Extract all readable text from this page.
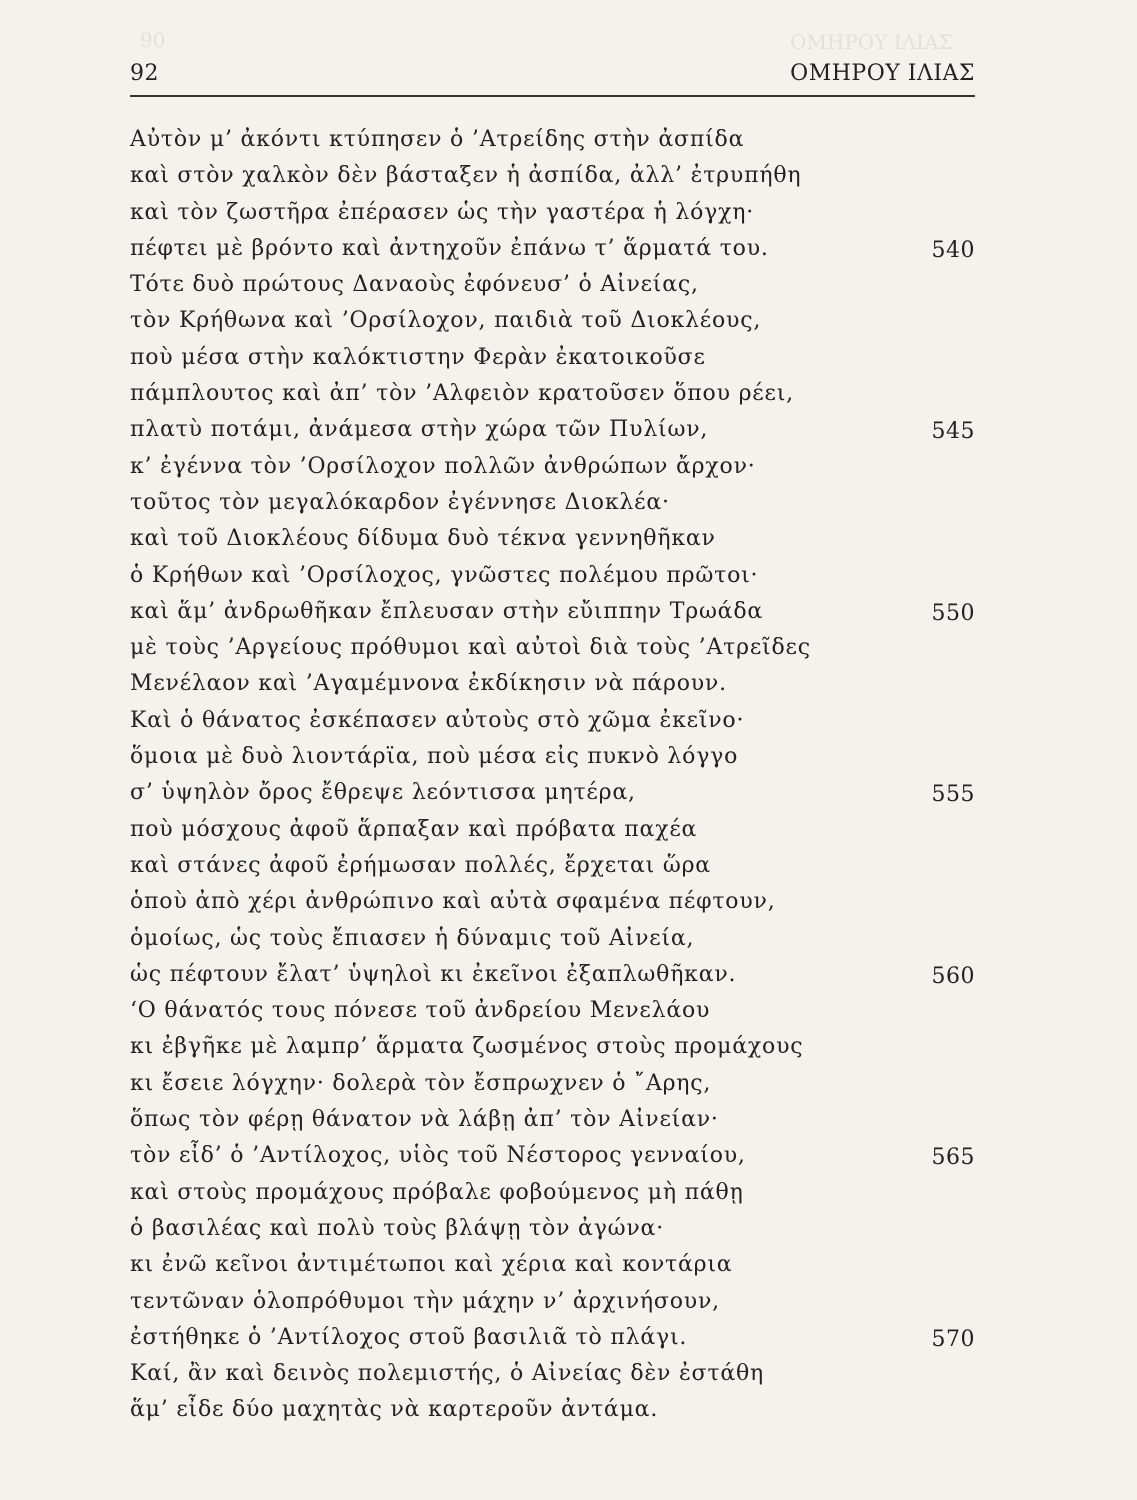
90	ΟΜΗΡΟΥ ΙΛΙΑΣ
92	ΟΜΗΡΟΥ ΙΛΙΑΣ
Αὐτὸν μ’ ἀκόντι κτύπησεν ὁ ’Ατρείδης στὴν ἀσπίδα
καὶ στὸν χαλκὸν δὲν βάσταξεν ἡ ἀσπίδα, ἀλλ’ ἐτρυπήθη
καὶ τὸν ζωστῆρα ἐπέρασεν ὡς τὴν γαστέρα ἡ λόγχη·
πέφτει μὲ βρόντο καὶ ἀντηχοῦν ἐπάνω τ’ ἅρματά του.	540
Τότε δυὸ πρώτους Δαναοὺς ἐφόνευσ’ ὁ Αἰνείας,
τὸν Κρήθωνα καὶ ’Ορσίλοχον, παιδιὰ τοῦ Διοκλέους,
ποὺ μέσα στὴν καλόκτιστην Φερὰν ἐκατοικοῦσε
πάμπλουτος καὶ ἀπ’ τὸν ’Αλφειὸν κρατοῦσεν ὅπου ρέει,
πλατὺ ποτάμι, ἀνάμεσα στὴν χώρα τῶν Πυλίων,	545
κ’ ἐγέννα τὸν ’Ορσίλοχον πολλῶν ἀνθρώπων ἄρχον·
τοῦτος τὸν μεγαλόκαρδον ἐγέννησε Διοκλέα·
καὶ τοῦ Διοκλέους δίδυμα δυὸ τέκνα γεννηθῆκαν
ὁ Κρήθων καὶ ’Ορσίλοχος, γνῶστες πολέμου πρῶτοι·
καὶ ἅμ’ ἀνδρωθῆκαν ἔπλευσαν στὴν εὔιππην Τρωάδα	550
μὲ τοὺς ’Αργείους πρόθυμοι καὶ αὐτοὶ διὰ τοὺς ’Ατρεῖδες
Μενέλαον καὶ ’Αγαμέμνονα ἐκδίκησιν νὰ πάρουν.
Καὶ ὁ θάνατος ἐσκέπασεν αὐτοὺς στὸ χῶμα ἐκεῖνο·
ὅμοια μὲ δυὸ λιοντάρϊα, ποὺ μέσα εἰς πυκνὸ λόγγο
σ’ ὑψηλὸν ὄρος ἔθρεψε λεόντισσα μητέρα,	555
ποὺ μόσχους ἀφοῦ ἅρπαξαν καὶ πρόβατα παχέα
καὶ στάνες ἀφοῦ ἐρήμωσαν πολλές, ἔρχεται ὥρα
ὁποὺ ἀπὸ χέρι ἀνθρώπινο καὶ αὐτὰ σφαμένα πέφτουν,
ὁμοίως, ὡς τοὺς ἔπιασεν ἡ δύναμις τοῦ Αἰνεία,
ὡς πέφτουν ἔλατ’ ὑψηλοὶ κι ἐκεῖνοι ἐξαπλωθῆκαν.	560
‘Ο θάνατός τους πόνεσε τοῦ ἀνδρείου Μενελάου
κι ἐβγῆκε μὲ λαμπρ’ ἅρματα ζωσμένος στοὺς προμάχους
κι ἔσειε λόγχην· δολερὰ τὸν ἔσπρωχνεν ὁ ῎Αρης,
ὅπως τὸν φέρῃ θάνατον νὰ λάβῃ ἀπ’ τὸν Αἰνείαν·
τὸν εἶδ’ ὁ ’Αντίλοχος, υἱὸς τοῦ Νέστορος γενναίου,	565
καὶ στοὺς προμάχους πρόβαλε φοβούμενος μὴ πάθῃ
ὁ βασιλέας καὶ πολὺ τοὺς βλάψῃ τὸν ἀγώνα·
κι ἐνῶ κεῖνοι ἀντιμέτωποι καὶ χέρια καὶ κοντάρια
τεντῶναν ὁλοπρόθυμοι τὴν μάχην ν’ ἀρχινήσουν,
ἐστήθηκε ὁ ’Αντίλοχος στοῦ βασιλιᾶ τὸ πλάγι.	570
Καί, ἂν καὶ δεινὸς πολεμιστής, ὁ Αἰνείας δὲν ἐστάθη
ἅμ’ εἶδε δύο μαχητὰς νὰ καρτεροῦν ἀντάμα.
